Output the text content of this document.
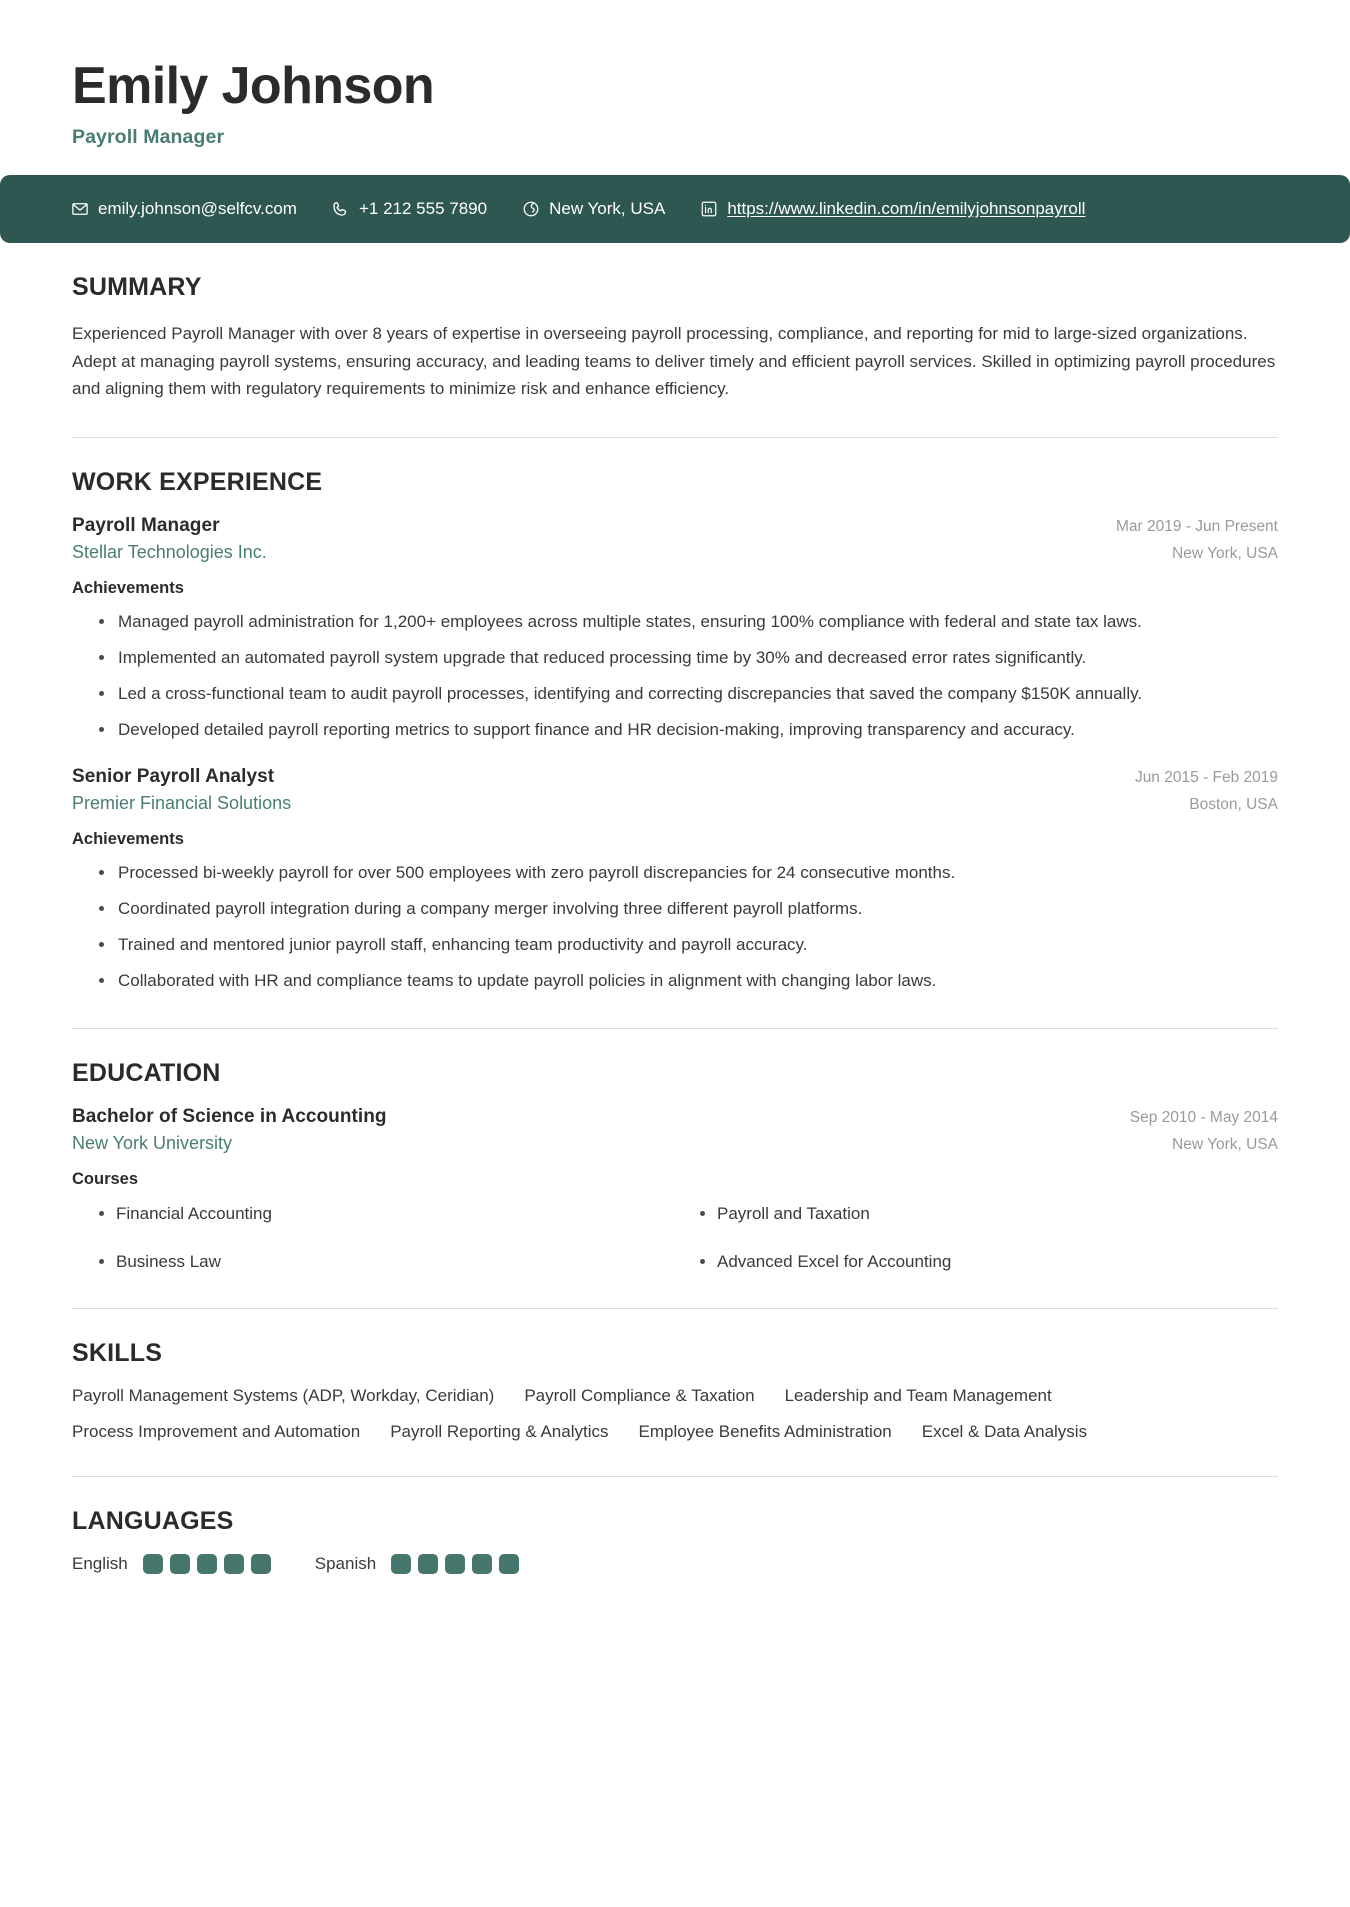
Emily Johnson
Payroll Manager
emily.johnson@selfcv.com	+1 212 555 7890	New York, USA	https://www.linkedin.com/in/emilyjohnsonpayroll
SUMMARY
Experienced Payroll Manager with over 8 years of expertise in overseeing payroll processing, compliance, and reporting for mid to large-sized organizations. Adept at managing payroll systems, ensuring accuracy, and leading teams to deliver timely and efficient payroll services. Skilled in optimizing payroll procedures and aligning them with regulatory requirements to minimize risk and enhance efficiency.
WORK EXPERIENCE
Payroll Manager	Mar 2019 - Jun Present
Stellar Technologies Inc.	New York, USA
Achievements
Managed payroll administration for 1,200+ employees across multiple states, ensuring 100% compliance with federal and state tax laws.
Implemented an automated payroll system upgrade that reduced processing time by 30% and decreased error rates significantly.
Led a cross-functional team to audit payroll processes, identifying and correcting discrepancies that saved the company $150K annually.
Developed detailed payroll reporting metrics to support finance and HR decision-making, improving transparency and accuracy.
Senior Payroll Analyst	Jun 2015 - Feb 2019
Premier Financial Solutions	Boston, USA
Achievements
Processed bi-weekly payroll for over 500 employees with zero payroll discrepancies for 24 consecutive months.
Coordinated payroll integration during a company merger involving three different payroll platforms.
Trained and mentored junior payroll staff, enhancing team productivity and payroll accuracy.
Collaborated with HR and compliance teams to update payroll policies in alignment with changing labor laws.
EDUCATION
Bachelor of Science in Accounting	Sep 2010 - May 2014
New York University	New York, USA
Courses
Financial Accounting	Payroll and Taxation
Business Law	Advanced Excel for Accounting
SKILLS
Payroll Management Systems (ADP, Workday, Ceridian) Payroll Compliance & Taxation Leadership and Team Management
Process Improvement and Automation Payroll Reporting & Analytics Employee Benefits Administration Excel & Data Analysis
LANGUAGES
English	Spanish
